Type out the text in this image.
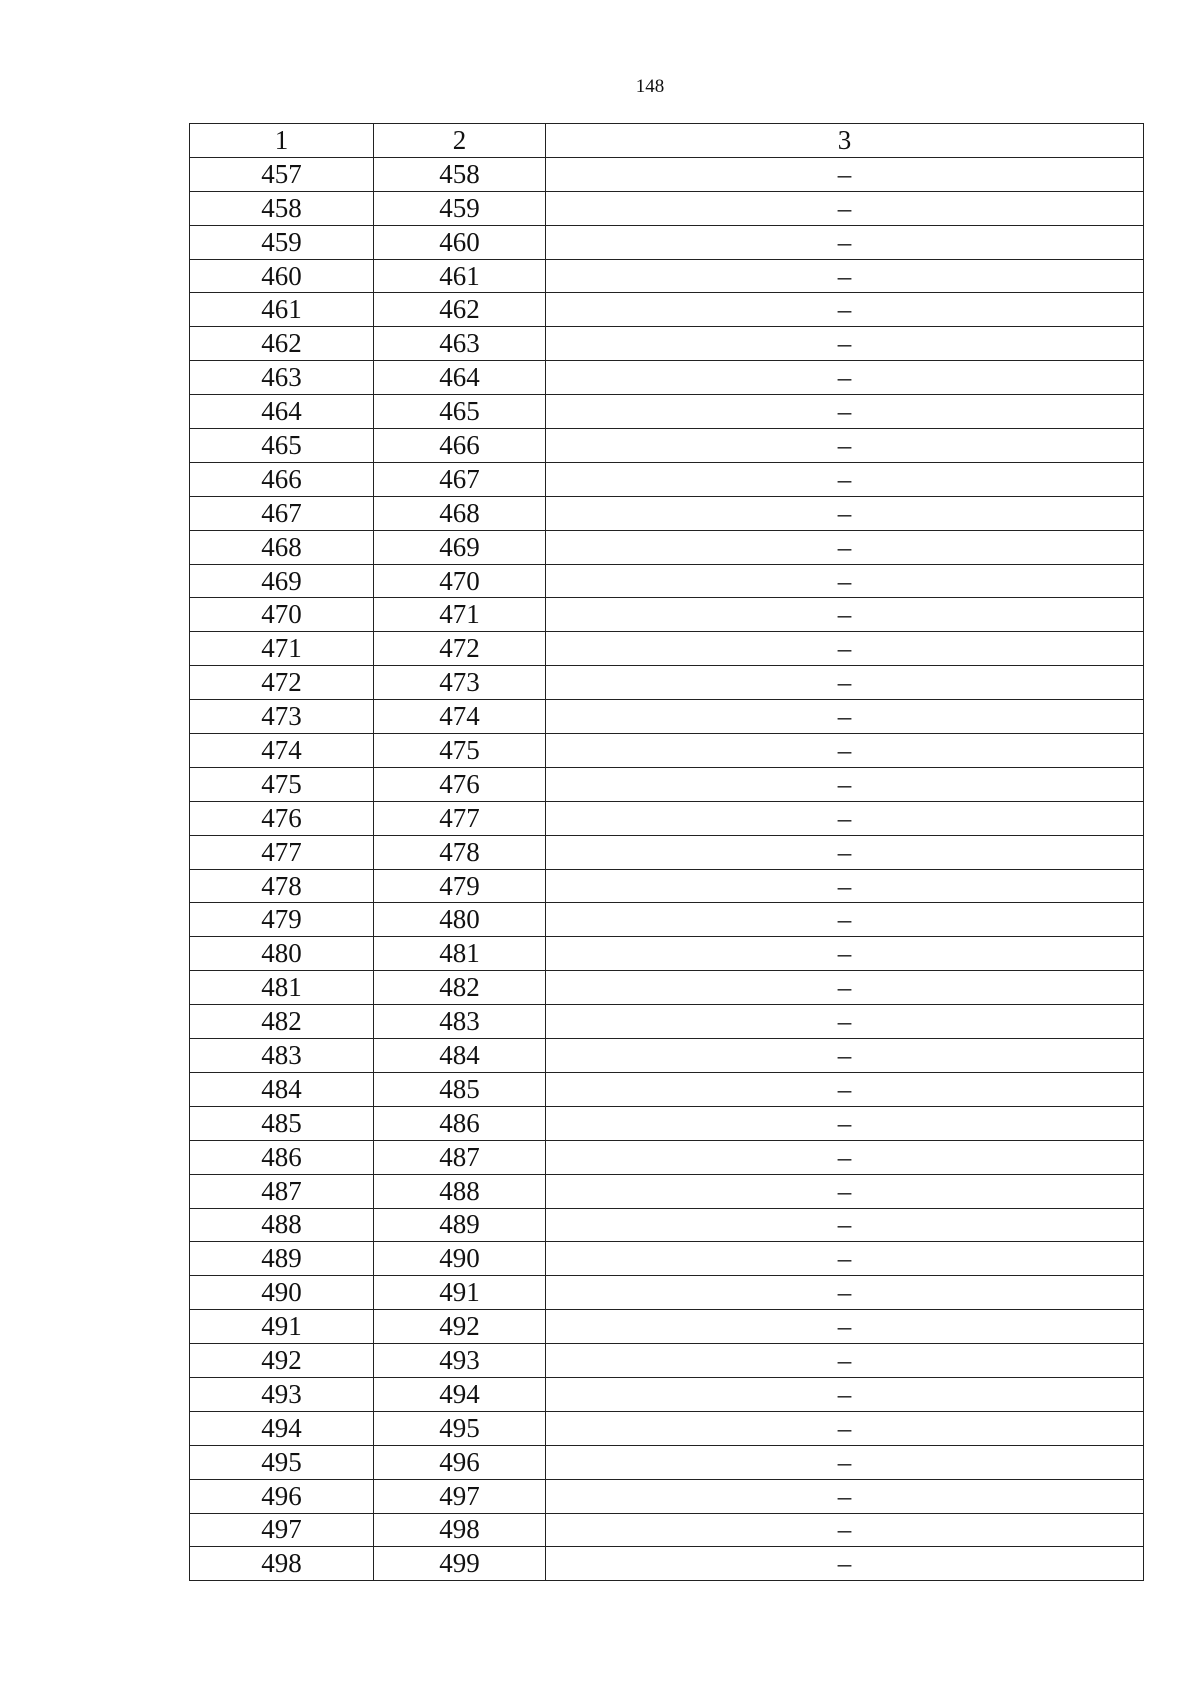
148
1	2	3
457	458	–
458	459	–
459	460	–
460	461	–
461	462	–
462	463	–
463	464	–
464	465	–
465	466	–
466	467	–
467	468	–
468	469	–
469	470	–
470	471	–
471	472	–
472	473	–
473	474	–
474	475	–
475	476	–
476	477	–
477	478	–
478	479	–
479	480	–
480	481	–
481	482	–
482	483	–
483	484	–
484	485	–
485	486	–
486	487	–
487	488	–
488	489	–
489	490	–
490	491	–
491	492	–
492	493	–
493	494	–
494	495	–
495	496	–
496	497	–
497	498	–
498	499	–
